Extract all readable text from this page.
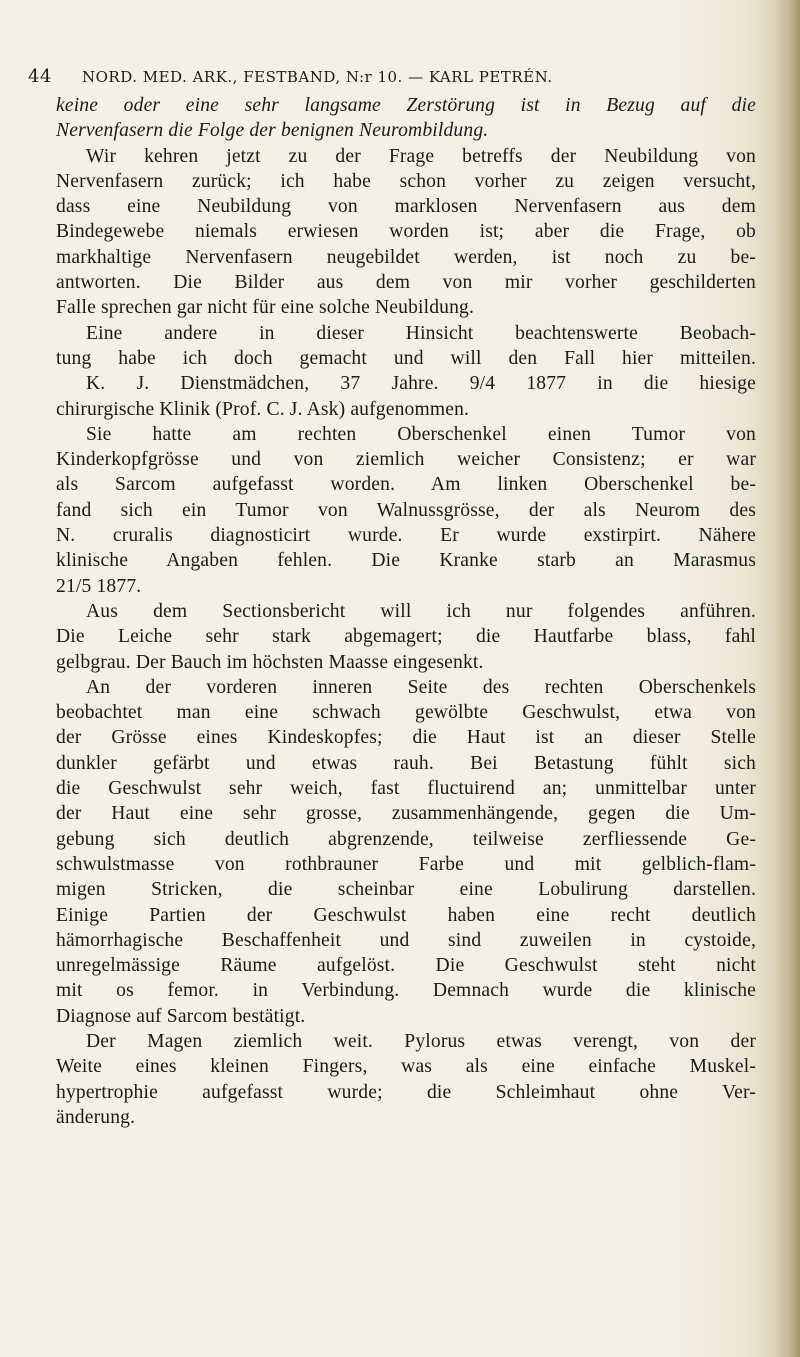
44 NORD. MED. ARK., FESTBAND, N:r 10. — KARL PETRÉN.
keine oder eine sehr langsame Zerstörung ist in Bezug auf die
Nervenfasern die Folge der benignen Neurombildung.
Wir kehren jetzt zu der Frage betreffs der Neubildung von
Nervenfasern zurück; ich habe schon vorher zu zeigen versucht,
dass eine Neubildung von marklosen Nervenfasern aus dem
Bindegewebe niemals erwiesen worden ist; aber die Frage, ob
markhaltige Nervenfasern neugebildet werden, ist noch zu be-
antworten. Die Bilder aus dem von mir vorher geschilderten
Falle sprechen gar nicht für eine solche Neubildung.
Eine andere in dieser Hinsicht beachtenswerte Beobach-
tung habe ich doch gemacht und will den Fall hier mitteilen.
K. J. Dienstmädchen, 37 Jahre. 9/4 1877 in die hiesige
chirurgische Klinik (Prof. C. J. Ask) aufgenommen.
Sie hatte am rechten Oberschenkel einen Tumor von
Kinderkopfgrösse und von ziemlich weicher Consistenz; er war
als Sarcom aufgefasst worden. Am linken Oberschenkel be-
fand sich ein Tumor von Walnussgrösse, der als Neurom des
N. cruralis diagnosticirt wurde. Er wurde exstirpirt. Nähere
klinische Angaben fehlen. Die Kranke starb an Marasmus
21/5 1877.
Aus dem Sectionsbericht will ich nur folgendes anführen.
Die Leiche sehr stark abgemagert; die Hautfarbe blass, fahl
gelbgrau. Der Bauch im höchsten Maasse eingesenkt.
An der vorderen inneren Seite des rechten Oberschenkels
beobachtet man eine schwach gewölbte Geschwulst, etwa von
der Grösse eines Kindeskopfes; die Haut ist an dieser Stelle
dunkler gefärbt und etwas rauh. Bei Betastung fühlt sich
die Geschwulst sehr weich, fast fluctuirend an; unmittelbar unter
der Haut eine sehr grosse, zusammenhängende, gegen die Um-
gebung sich deutlich abgrenzende, teilweise zerfliessende Ge-
schwulstmasse von rothbrauner Farbe und mit gelblich-flam-
migen Stricken, die scheinbar eine Lobulirung darstellen.
Einige Partien der Geschwulst haben eine recht deutlich
hämorrhagische Beschaffenheit und sind zuweilen in cystoide,
unregelmässige Räume aufgelöst. Die Geschwulst steht nicht
mit os femor. in Verbindung. Demnach wurde die klinische
Diagnose auf Sarcom bestätigt.
Der Magen ziemlich weit. Pylorus etwas verengt, von der
Weite eines kleinen Fingers, was als eine einfache Muskel-
hypertrophie aufgefasst wurde; die Schleimhaut ohne Ver-
änderung.
